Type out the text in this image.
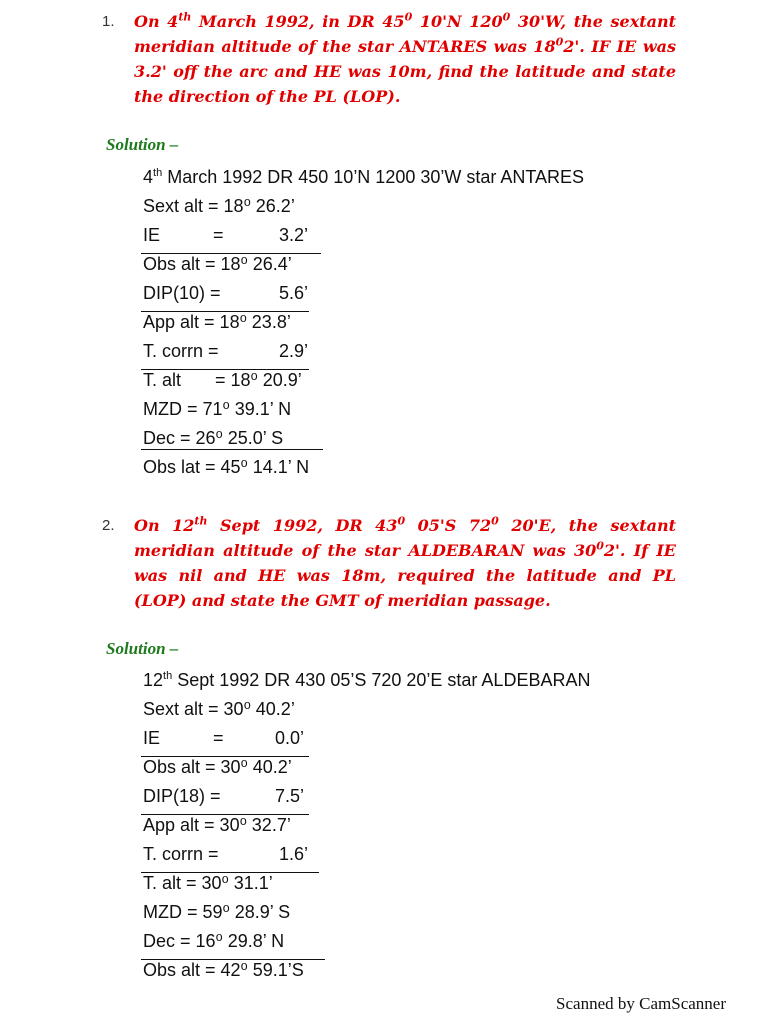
1.	On 4th March 1992, in DR $45^0$ 10'N $120^0$ 30'W, the sextant meridian altitude of the star ANTARES was $18^02'$. IF IE was 3.2' off the arc and HE was 10m, find the latitude and state the direction of the PL (LOP).
Solution –
4th March 1992 DR 450 10’N 1200 30’W star ANTARES
Sext alt = 18⁰ 26.2’
IE	=	3.2’
Obs alt = 18⁰ 26.4’
DIP(10) =	5.6’
App alt = 18⁰ 23.8’
T. corrn =	2.9’
T. alt = 18⁰ 20.9’
MZD = 71⁰ 39.1’ N
Dec = 26⁰ 25.0’ S
Obs lat = 45⁰ 14.1’ N
2.	On 12th Sept 1992, DR $43^0$ 05'S $72^0$ 20'E, the sextant meridian altitude of the star ALDEBARAN was $30^02'$. If IE was nil and HE was 18m, required the latitude and PL (LOP) and state the GMT of meridian passage.
Solution –
12th Sept 1992 DR 430 05’S 720 20’E star ALDEBARAN
Sext alt = 30⁰ 40.2’
IE	=	0.0’
Obs alt = 30⁰ 40.2’
DIP(18) =	7.5’
App alt = 30⁰ 32.7’
T. corrn =	1.6’
T. alt = 30⁰ 31.1’
MZD = 59⁰ 28.9’ S
Dec = 16⁰ 29.8’ N
Obs alt = 42⁰ 59.1’S
Scanned by CamScanner
